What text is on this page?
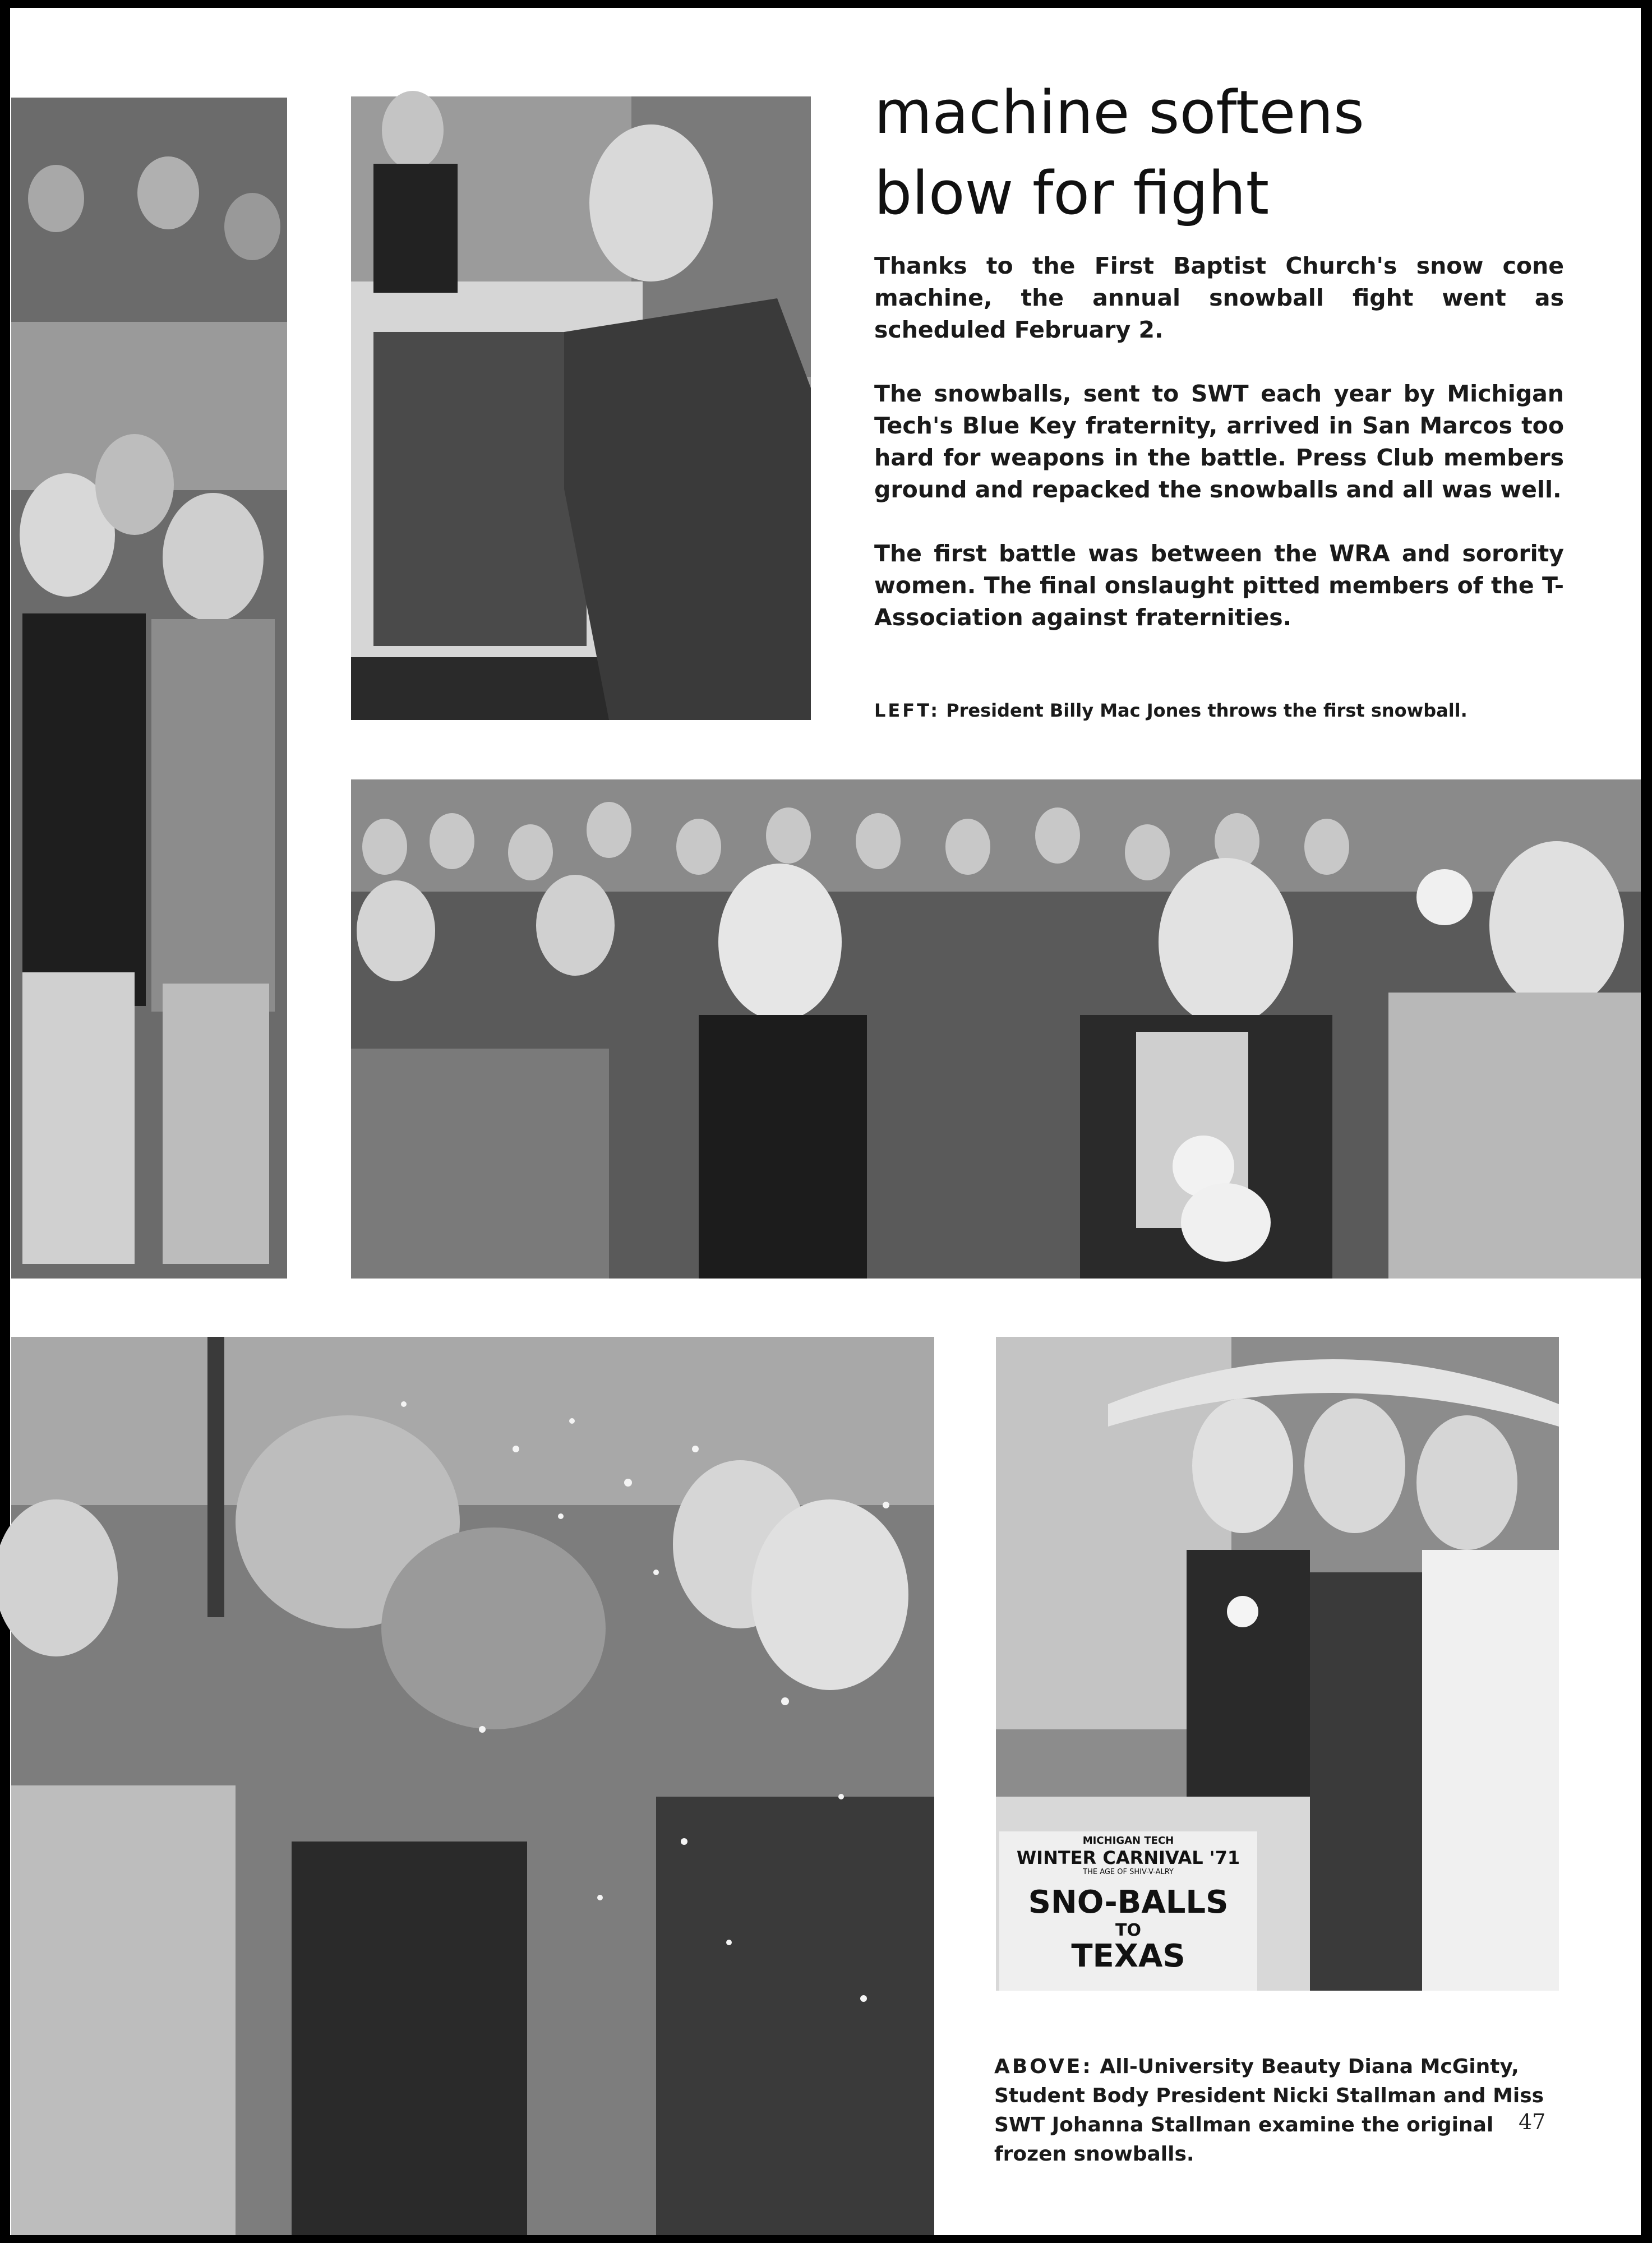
machine softens
blow for fight

Thanks to the First Baptist Church's snow cone machine, the annual snowball fight went as scheduled February 2.

The snowballs, sent to SWT each year by Michigan Tech's Blue Key fraternity, arrived in San Marcos too hard for weapons in the battle. Press Club members ground and repacked the snowballs and all was well.

The first battle was between the WRA and sorority women. The final onslaught pitted members of the T-Association against fraternities.

LEFT: President Billy Mac Jones throws the first snowball.

MICHIGAN TECH
WINTER CARNIVAL '71
THE AGE OF SHIV-V-ALRY
SNO-BALLS
TO
TEXAS

ABOVE: All-University Beauty Diana McGinty, Student Body President Nicki Stallman and Miss SWT Johanna Stallman examine the original frozen snowballs.

47
